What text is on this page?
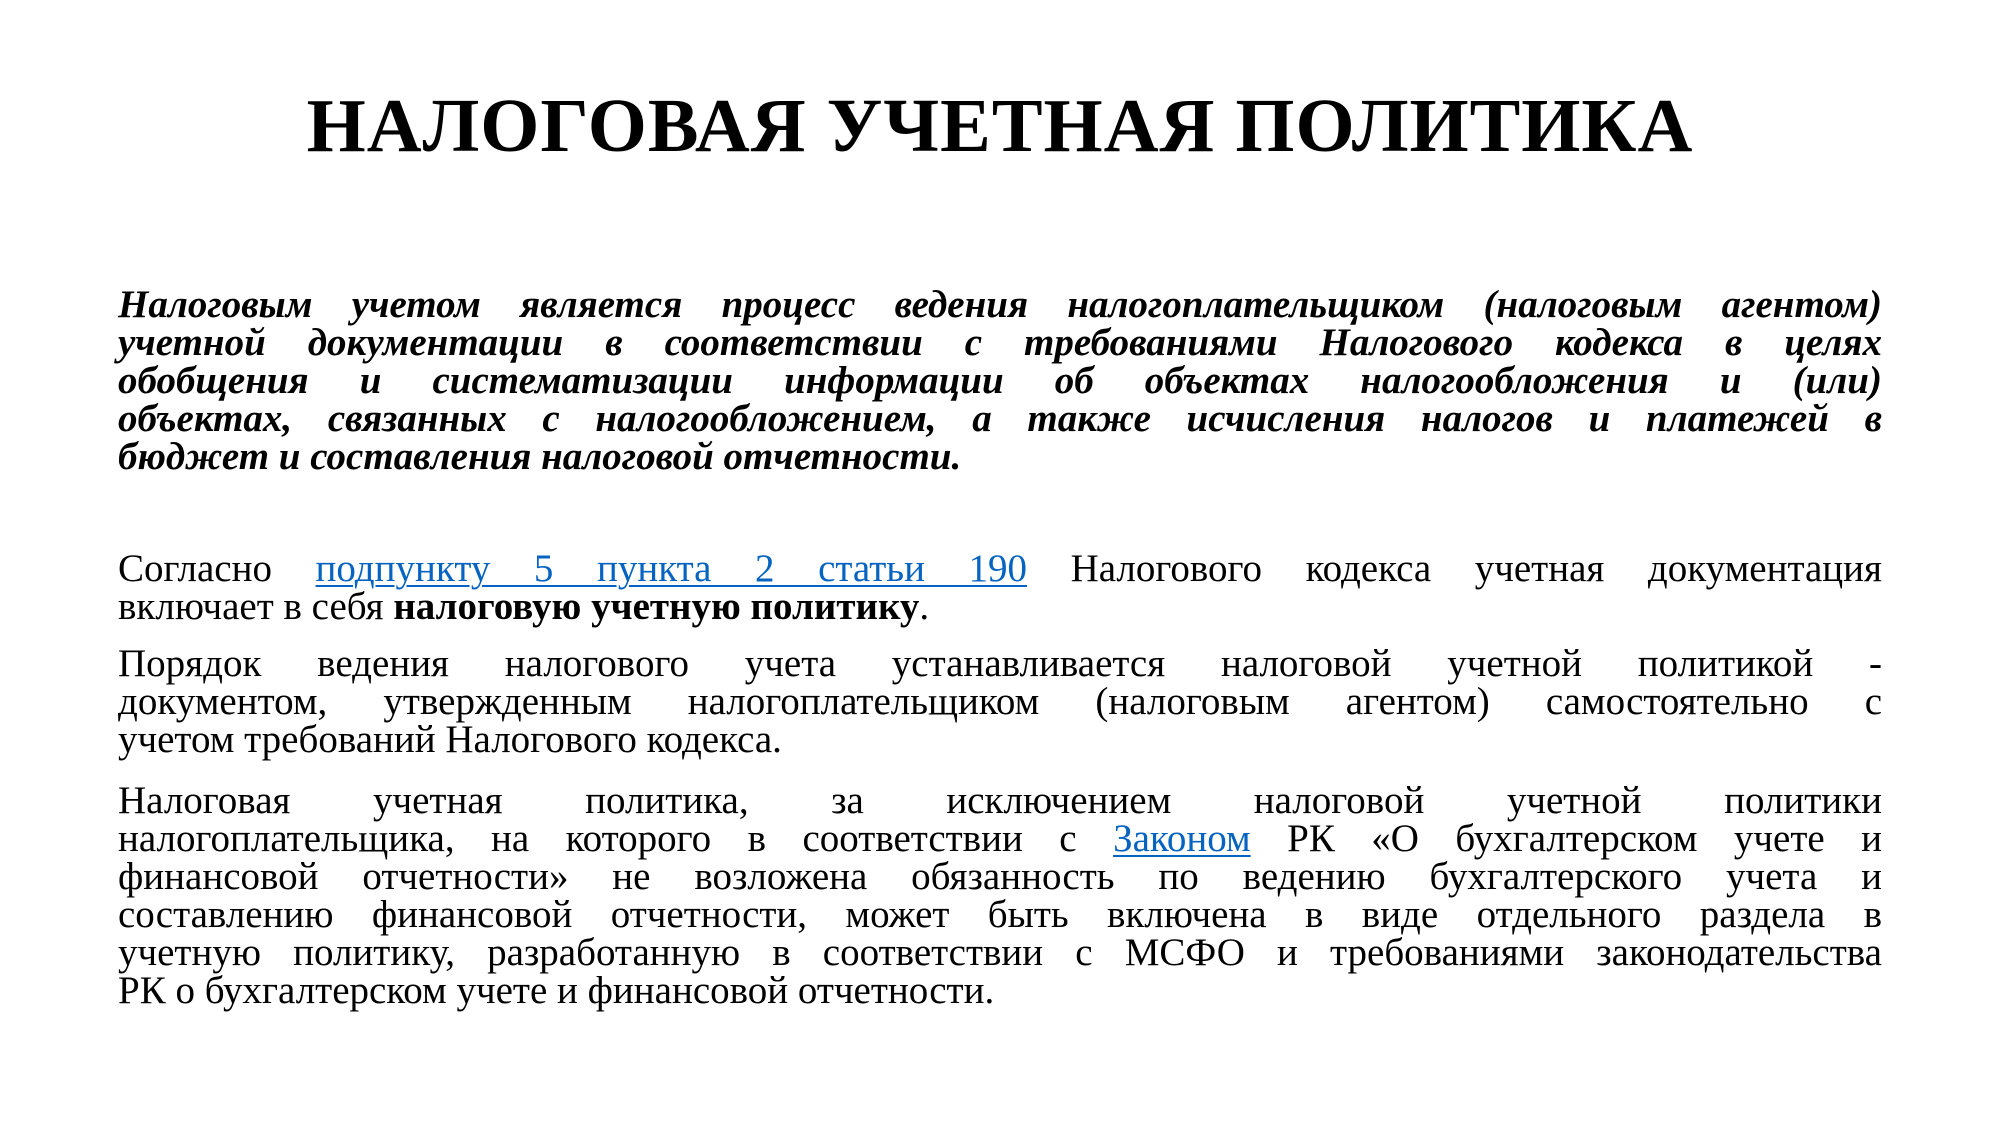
НАЛОГОВАЯ УЧЕТНАЯ ПОЛИТИКА
Налоговым учетом является процесс ведения налогоплательщиком (налоговым агентом)
учетной документации в соответствии с требованиями Налогового кодекса в целях
обобщения и систематизации информации об объектах налогообложения и (или)
объектах, связанных с налогообложением, а также исчисления налогов и платежей в
бюджет и составления налоговой отчетности.
Согласно подпункту 5 пункта 2 статьи 190 Налогового кодекса учетная документация
включает в себя налоговую учетную политику.
Порядок ведения налогового учета устанавливается налоговой учетной политикой -
документом, утвержденным налогоплательщиком (налоговым агентом) самостоятельно с
учетом требований Налогового кодекса.
Налоговая учетная политика, за исключением налоговой учетной политики
налогоплательщика, на которого в соответствии с Законом РК «О бухгалтерском учете и
финансовой отчетности» не возложена обязанность по ведению бухгалтерского учета и
составлению финансовой отчетности, может быть включена в виде отдельного раздела в
учетную политику, разработанную в соответствии с МСФО и требованиями законодательства
РК о бухгалтерском учете и финансовой отчетности.
